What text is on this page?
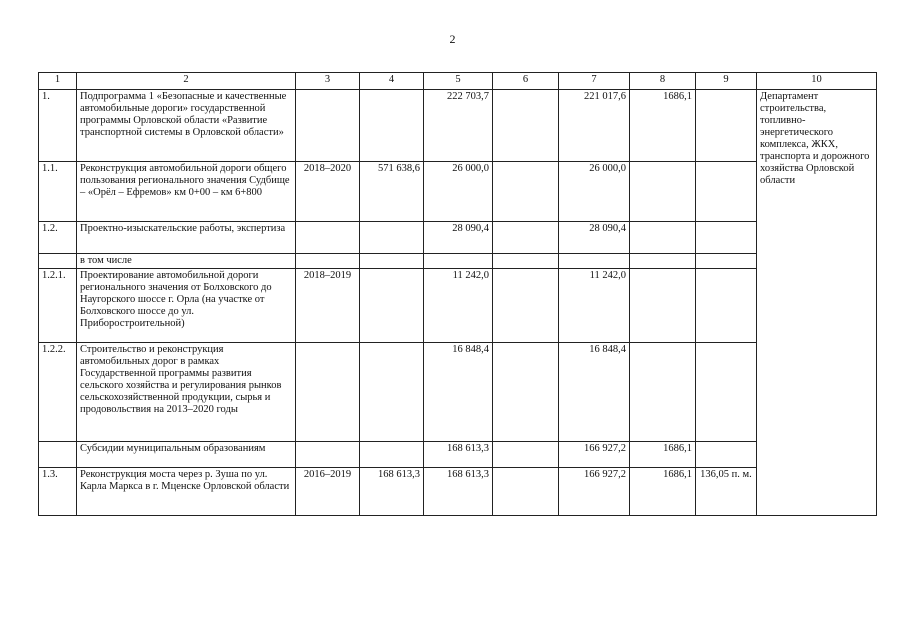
2
1	2	3	4	5	6	7	8	9	10
1.	Подпрограмма 1 «Безопасные и качественные автомобильные дороги» государственной программы Орловской области «Развитие транспортной системы в Орловской области»			222 703,7		221 017,6	1686,1		Департамент строительства, топливно-энергетического комплекса, ЖКХ, транспорта и дорожного хозяйства Орловской области
1.1.	Реконструкция автомобильной дороги общего пользования регионального значения Судбище – «Орёл – Ефремов» км 0+00 – км 6+800	2018–2020	571 638,6	26 000,0		26 000,0			
1.2.	Проектно-изыскательские работы, экспертиза			28 090,4		28 090,4			
	в том числе								
1.2.1.	Проектирование автомобильной дороги регионального значения от Болховского до Наугорского шоссе г. Орла (на участке от Болховского шоссе до ул. Приборостроительной)	2018–2019		11 242,0		11 242,0			
1.2.2.	Строительство и реконструкция автомобильных дорог в рамках Государственной программы развития сельского хозяйства и регулирования рынков сельскохозяйственной продукции, сырья и продовольствия на 2013–2020 годы			16 848,4		16 848,4			
	Субсидии муниципальным образованиям			168 613,3		166 927,2	1686,1		
1.3.	Реконструкция моста через р. Зуша по ул. Карла Маркса в г. Мценске Орловской области	2016–2019	168 613,3	168 613,3		166 927,2	1686,1	136,05 п. м.	
